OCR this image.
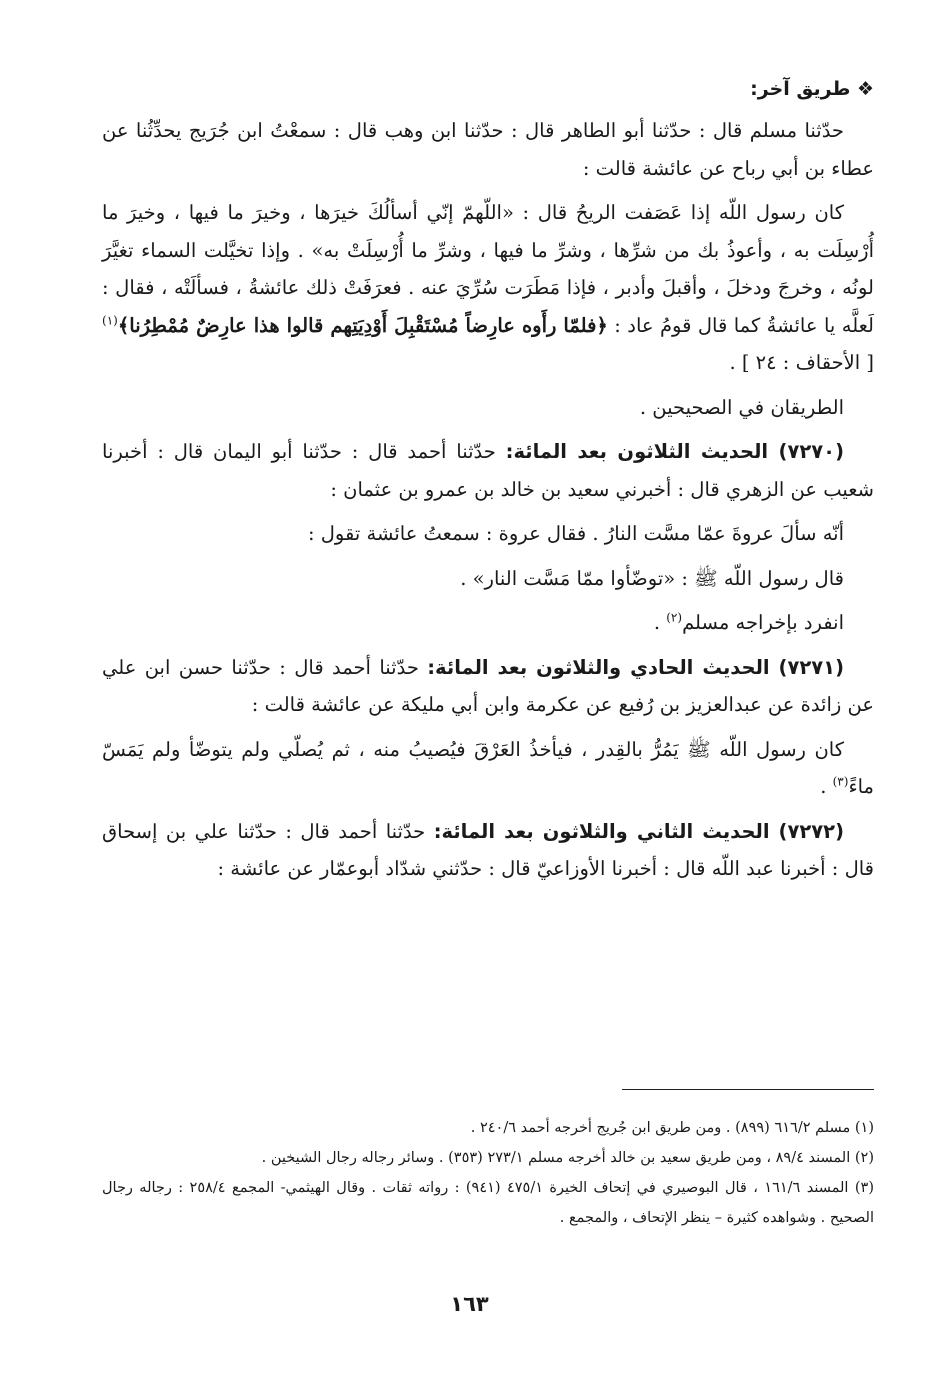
❖ طريق آخر:

حدّثنا مسلم قال : حدّثنا أبو الطاهر قال : حدّثنا ابن وهب قال : سمعْتُ ابن جُرَيج يحدِّثُنا عن عطاء بن أبي رباح عن عائشة قالت :

كان رسول اللّه إذا عَصَفت الريحُ قال : «اللّهمّ إنّي أسألُكَ خيرَها ، وخيرَ ما فيها ، وخيرَ ما أُرْسِلَت به ، وأعوذُ بك من شرِّها ، وشرِّ ما فيها ، وشرِّ ما أُرْسِلَتْ به» . وإذا تخيَّلت السماء تغيَّرَ لونُه ، وخرجَ ودخلَ ، وأقبلَ وأدبر ، فإذا مَطَرَت سُرِّيَ عنه . فعرَفَتْ ذلك عائشةُ ، فسألَتْه ، فقال : لَعلَّه يا عائشةُ كما قال قومُ عاد : ﴿فلمّا رأَوه عارِضاً مُسْتَقْبِلَ أَوْدِيَتِهم قالوا هذا عارِضٌ مُمْطِرُنا﴾$^{(١)}$ [ الأحقاف : ٢٤ ] .

الطريقان في الصحيحين .

(٧٢٧٠) الحديث الثلاثون بعد المائة: حدّثنا أحمد قال : حدّثنا أبو اليمان قال : أخبرنا شعيب عن الزهري قال : أخبرني سعيد بن خالد بن عمرو بن عثمان :

أنّه سألَ عروةَ عمّا مسَّت النارُ . فقال عروة : سمعتُ عائشة تقول :

قال رسول اللّه ﷺ : «توضّأوا ممّا مَسَّت النار» .

انفرد بإخراجه مسلم$^{(٢)}$ .

(٧٢٧١) الحديث الحادي والثلاثون بعد المائة: حدّثنا أحمد قال : حدّثنا حسن ابن علي عن زائدة عن عبدالعزيز بن رُفيع عن عكرمة وابن أبي مليكة عن عائشة قالت :

كان رسول اللّه ﷺ يَمُرُّ بالقِدر ، فيأخذُ العَرْقَ فيُصيبُ منه ، ثم يُصلّي ولم يتوضّأ ولم يَمَسّ ماءً$^{(٣)}$ .

(٧٢٧٢) الحديث الثاني والثلاثون بعد المائة: حدّثنا أحمد قال : حدّثنا علي بن إسحاق قال : أخبرنا عبد اللّه قال : أخبرنا الأوزاعيّ قال : حدّثني شدّاد أبوعمّار عن عائشة :

(١) مسلم ٦١٦/٢ (٨٩٩) . ومن طريق ابن جُريج أخرجه أحمد ٢٤٠/٦ .

(٢) المسند ٨٩/٤ ، ومن طريق سعيد بن خالد أخرجه مسلم ٢٧٣/١ (٣٥٣) . وسائر رجاله رجال الشيخين .

(٣) المسند ١٦١/٦ ، قال البوصيري في إتحاف الخيرة ٤٧٥/١ (٩٤١) : رواته ثقات . وقال الهيثمي- المجمع ٢٥٨/٤ : رجاله رجال الصحيح . وشواهده كثيرة – ينظر الإتحاف ، والمجمع .

١٦٣
